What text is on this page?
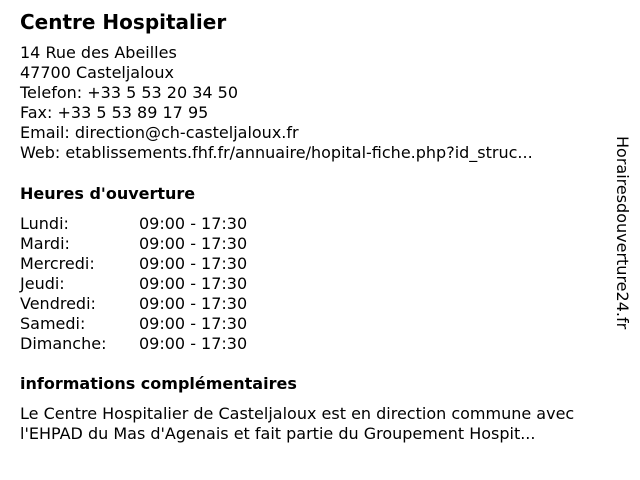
Centre Hospitalier
14 Rue des Abeilles
47700 Casteljaloux
Telefon: +33 5 53 20 34 50
Fax: +33 5 53 89 17 95
Email: direction@ch-casteljaloux.fr
Web: etablissements.fhf.fr/annuaire/hopital-fiche.php?id_struc...
Heures d'ouverture
Lundi:	09:00 - 17:30
Mardi:	09:00 - 17:30
Mercredi:	09:00 - 17:30
Jeudi:	09:00 - 17:30
Vendredi:	09:00 - 17:30
Samedi:	09:00 - 17:30
Dimanche: 09:00 - 17:30
informations complémentaires
Le Centre Hospitalier de Casteljaloux est en direction commune avec
l'EHPAD du Mas d'Agenais et fait partie du Groupement Hospit...
Horairesdouverture24.fr
